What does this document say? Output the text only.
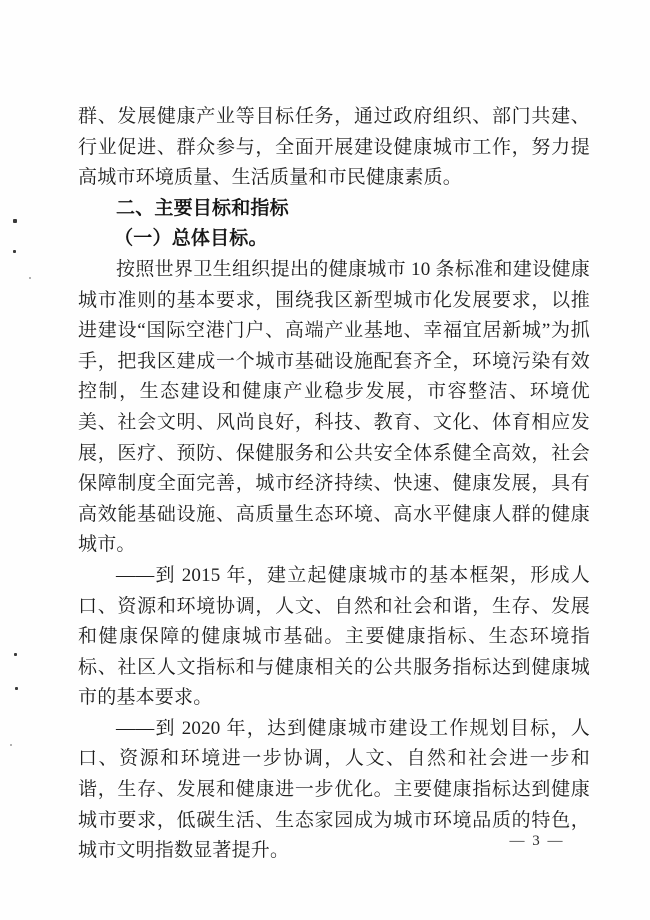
群、发展健康产业等目标任务，通过政府组织、部门共建、行业促进、群众参与，全面开展建设健康城市工作，努力提高城市环境质量、生活质量和市民健康素质。

二、主要目标和指标

（一）总体目标。

按照世界卫生组织提出的健康城市 10 条标准和建设健康城市准则的基本要求，围绕我区新型城市化发展要求，以推进建设“国际空港门户、高端产业基地、幸福宜居新城”为抓手，把我区建成一个城市基础设施配套齐全，环境污染有效控制，生态建设和健康产业稳步发展，市容整洁、环境优美、社会文明、风尚良好，科技、教育、文化、体育相应发展，医疗、预防、保健服务和公共安全体系健全高效，社会保障制度全面完善，城市经济持续、快速、健康发展，具有高效能基础设施、高质量生态环境、高水平健康人群的健康城市。

——到 2015 年，建立起健康城市的基本框架，形成人口、资源和环境协调，人文、自然和社会和谐，生存、发展和健康保障的健康城市基础。主要健康指标、生态环境指标、社区人文指标和与健康相关的公共服务指标达到健康城市的基本要求。

——到 2020 年，达到健康城市建设工作规划目标，人口、资源和环境进一步协调，人文、自然和社会进一步和谐，生存、发展和健康进一步优化。主要健康指标达到健康城市要求，低碳生活、生态家园成为城市环境品质的特色，城市文明指数显著提升。	— 3 —
